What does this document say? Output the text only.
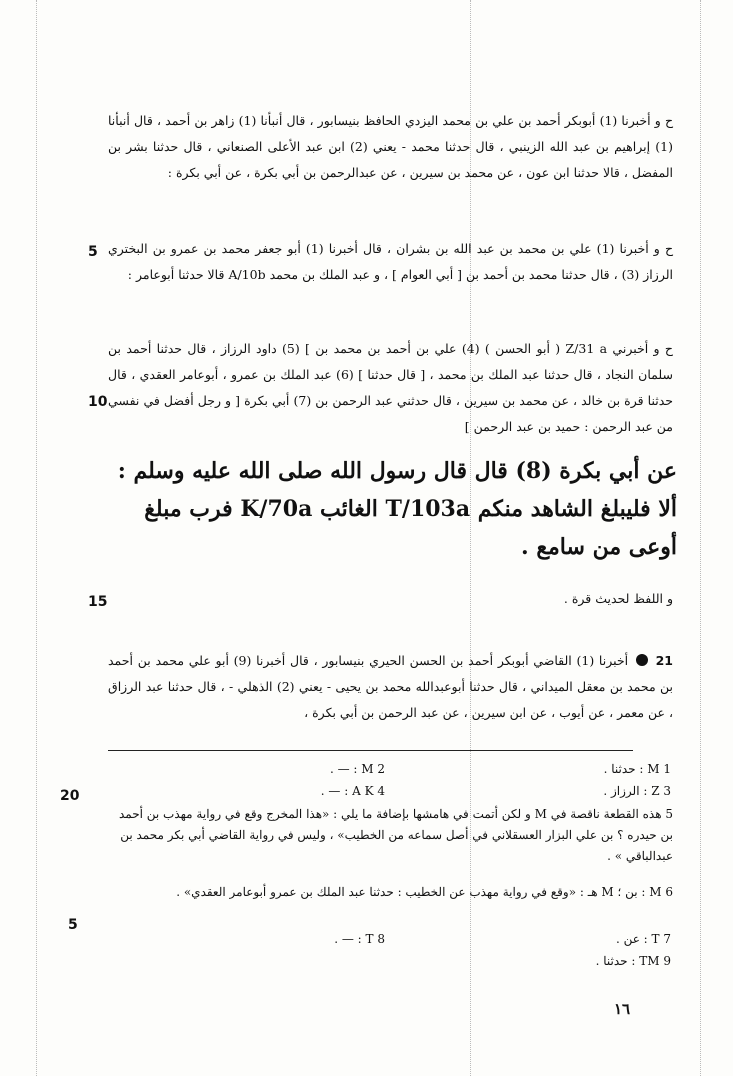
5
10
15
20
5

ح و أخبرنا (1) أبوبكر أحمد بن علي بن محمد اليزدي الحافظ بنيسابور ، قال أنبأنا (1) زاهر بن أحمد ، قال أنبأنا (1) إبراهيم بن عبد الله الزينبي ، قال حدثنا محمد - يعني (2) ابن عبد الأعلى الصنعاني ، قال حدثنا بشر بن المفضل ، قالا حدثنا ابن عون ، عن محمد بن سيرين ، عن عبدالرحمن بن أبي بكرة ، عن أبي بكرة :

ح و أخبرنا (1) علي بن محمد بن عبد الله بن بشران ، قال أخبرنا (1) أبو جعفر محمد بن عمرو بن البختري الرزاز (3) ، قال حدثنا محمد بن أحمد بن [ أبي العوام ] ، و عبد الملك بن محمد A/10b قالا حدثنا أبوعامر :

ح و أخبرني Z/31 a ( أبو الحسن ) (4) علي بن أحمد بن محمد بن ] (5) داود الرزاز ، قال حدثنا أحمد بن سلمان النجاد ، قال حدثنا عبد الملك بن محمد ، [ قال حدثنا ] (6) عبد الملك بن عمرو ، أبوعامر العقدي ، قال حدثنا قرة بن خالد ، عن محمد بن سيرين ، قال حدثني عبد الرحمن بن (7) أبي بكرة [ و رجل أفضل في نفسي من عبد الرحمن : حميد بن عبد الرحمن ]

عن أبي بكرة (8) قال قال رسول الله صلى الله عليه وسلم : ألا فليبلغ الشاهد منكم T/103a الغائب K/70a فرب مبلغ أوعى من سامع .

و اللفظ لحديث قرة .

21  أخبرنا (1) القاضي أبوبكر أحمد بن الحسن الحيري بنيسابور ، قال أخبرنا (9) أبو علي محمد بن أحمد بن محمد بن معقل الميداني ، قال حدثنا أبوعبدالله محمد بن يحيى - يعني (2) الذهلي - ، قال حدثنا عبد الرزاق ، عن معمر ، عن أيوب ، عن ابن سيرين ، عن عبد الرحمن بن أبي بكرة ،
M 1 : حدثنا .
M 2 : — .
Z 3 : الرزاز .
A K 4 : — .

5 هذه القطعة ناقصة في M و لكن أتمت في هامشها بإضافة ما يلي : «هذا المخرج وقع في رواية مهذب بن أحمد بن حيدره ؟ بن علي البزار العسقلاني في أصل سماعه من الخطيب» ، وليس في رواية القاضي أبي بكر محمد بن عبدالباقي » .

M 6 : بن ؛ M هـ : «وقع في رواية مهذب عن الخطيب : حدثنا عبد الملك بن عمرو أبوعامر العقدي» .

T 7 : عن .
T 8 : — .
TM 9 : حدثنا .
١٦
